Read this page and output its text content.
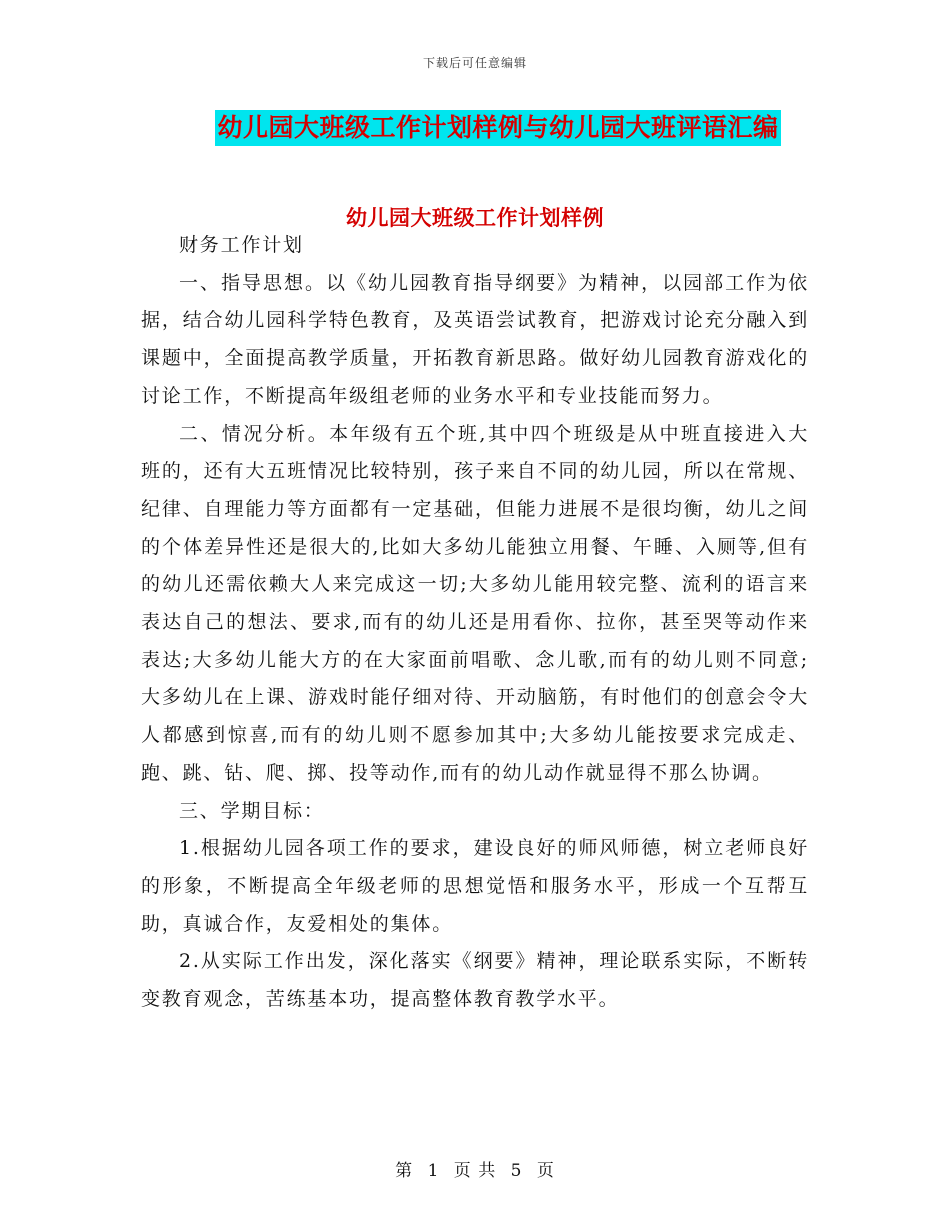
下载后可任意编辑
幼儿园大班级工作计划样例与幼儿园大班评语汇编
幼儿园大班级工作计划样例

财务工作计划

一、指导思想。以《幼儿园教育指导纲要》为精神，以园部工作为依据，结合幼儿园科学特色教育，及英语尝试教育，把游戏讨论充分融入到课题中，全面提高教学质量，开拓教育新思路。做好幼儿园教育游戏化的讨论工作，不断提高年级组老师的业务水平和专业技能而努力。

二、情况分析。本年级有五个班,其中四个班级是从中班直接进入大班的，还有大五班情况比较特别，孩子来自不同的幼儿园，所以在常规、纪律、自理能力等方面都有一定基础，但能力进展不是很均衡，幼儿之间的个体差异性还是很大的,比如大多幼儿能独立用餐、午睡、入厕等,但有的幼儿还需依赖大人来完成这一切;大多幼儿能用较完整、流利的语言来表达自己的想法、要求,而有的幼儿还是用看你、拉你，甚至哭等动作来表达;大多幼儿能大方的在大家面前唱歌、念儿歌,而有的幼儿则不同意;大多幼儿在上课、游戏时能仔细对待、开动脑筋，有时他们的创意会令大人都感到惊喜,而有的幼儿则不愿参加其中;大多幼儿能按要求完成走、跑、跳、钻、爬、掷、投等动作,而有的幼儿动作就显得不那么协调。

三、学期目标：

1.根据幼儿园各项工作的要求，建设良好的师风师德，树立老师良好的形象，不断提高全年级老师的思想觉悟和服务水平，形成一个互帮互助，真诚合作，友爱相处的集体。

2.从实际工作出发，深化落实《纲要》精神，理论联系实际，不断转变教育观念，苦练基本功，提高整体教育教学水平。

第 1 页 共 5 页
